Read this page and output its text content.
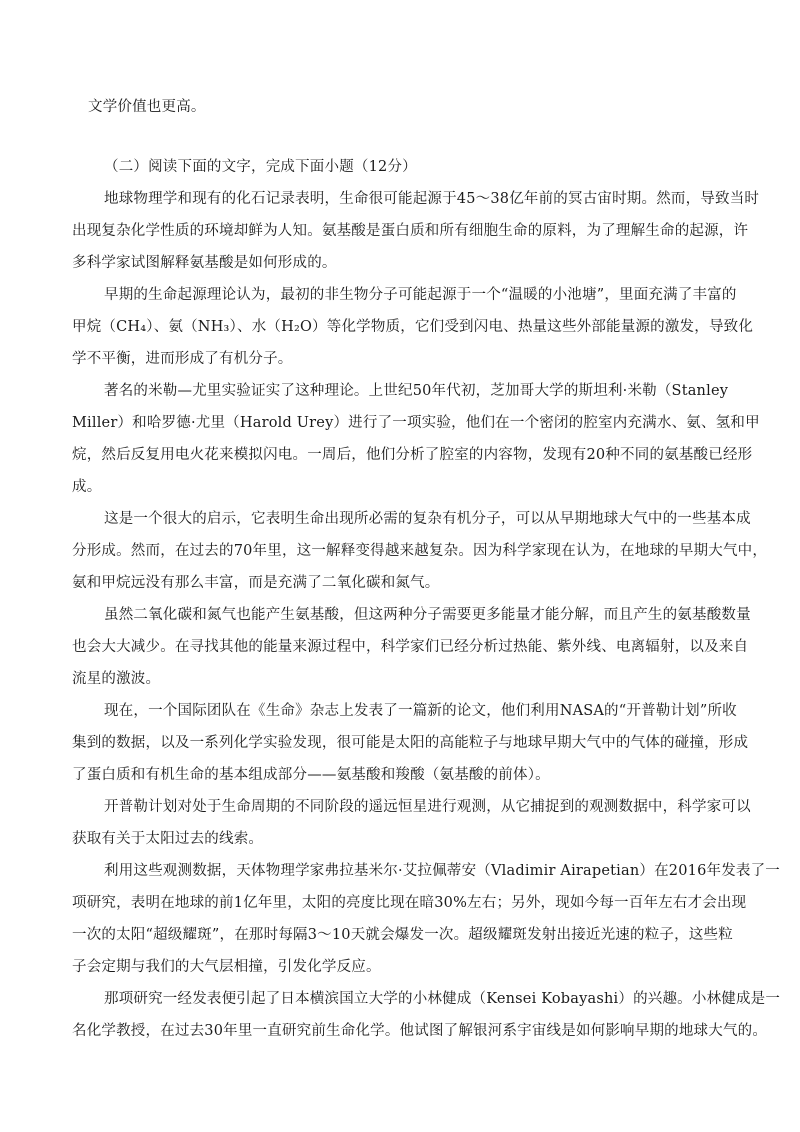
文学价值也更高。
（二）阅读下面的文字，完成下面小题（12分）
地球物理学和现有的化石记录表明，生命很可能起源于45～38亿年前的冥古宙时期。然而，导致当时
出现复杂化学性质的环境却鲜为人知。氨基酸是蛋白质和所有细胞生命的原料，为了理解生命的起源，许
多科学家试图解释氨基酸是如何形成的。
早期的生命起源理论认为，最初的非生物分子可能起源于一个“温暖的小池塘”，里面充满了丰富的
甲烷（CH₄）、氨（NH₃）、水（H₂O）等化学物质，它们受到闪电、热量这些外部能量源的激发，导致化
学不平衡，进而形成了有机分子。
著名的米勒—尤里实验证实了这种理论。上世纪50年代初，芝加哥大学的斯坦利·米勒（Stanley
Miller）和哈罗德·尤里（Harold Urey）进行了一项实验，他们在一个密闭的腔室内充满水、氨、氢和甲
烷，然后反复用电火花来模拟闪电。一周后，他们分析了腔室的内容物，发现有20种不同的氨基酸已经形
成。
这是一个很大的启示，它表明生命出现所必需的复杂有机分子，可以从早期地球大气中的一些基本成
分形成。然而，在过去的70年里，这一解释变得越来越复杂。因为科学家现在认为，在地球的早期大气中，
氨和甲烷远没有那么丰富，而是充满了二氧化碳和氮气。
虽然二氧化碳和氮气也能产生氨基酸，但这两种分子需要更多能量才能分解，而且产生的氨基酸数量
也会大大减少。在寻找其他的能量来源过程中，科学家们已经分析过热能、紫外线、电离辐射，以及来自
流星的激波。
现在，一个国际团队在《生命》杂志上发表了一篇新的论文，他们利用NASA的“开普勒计划”所收
集到的数据，以及一系列化学实验发现，很可能是太阳的高能粒子与地球早期大气中的气体的碰撞，形成
了蛋白质和有机生命的基本组成部分——氨基酸和羧酸（氨基酸的前体）。
开普勒计划对处于生命周期的不同阶段的遥远恒星进行观测，从它捕捉到的观测数据中，科学家可以
获取有关于太阳过去的线索。
利用这些观测数据，天体物理学家弗拉基米尔·艾拉佩蒂安（Vladimir Airapetian）在2016年发表了一
项研究，表明在地球的前1亿年里，太阳的亮度比现在暗30%左右；另外，现如今每一百年左右才会出现
一次的太阳“超级耀斑”，在那时每隔3～10天就会爆发一次。超级耀斑发射出接近光速的粒子，这些粒
子会定期与我们的大气层相撞，引发化学反应。
那项研究一经发表便引起了日本横滨国立大学的小林健成（Kensei Kobayashi）的兴趣。小林健成是一
名化学教授，在过去30年里一直研究前生命化学。他试图了解银河系宇宙线是如何影响早期的地球大气的。
